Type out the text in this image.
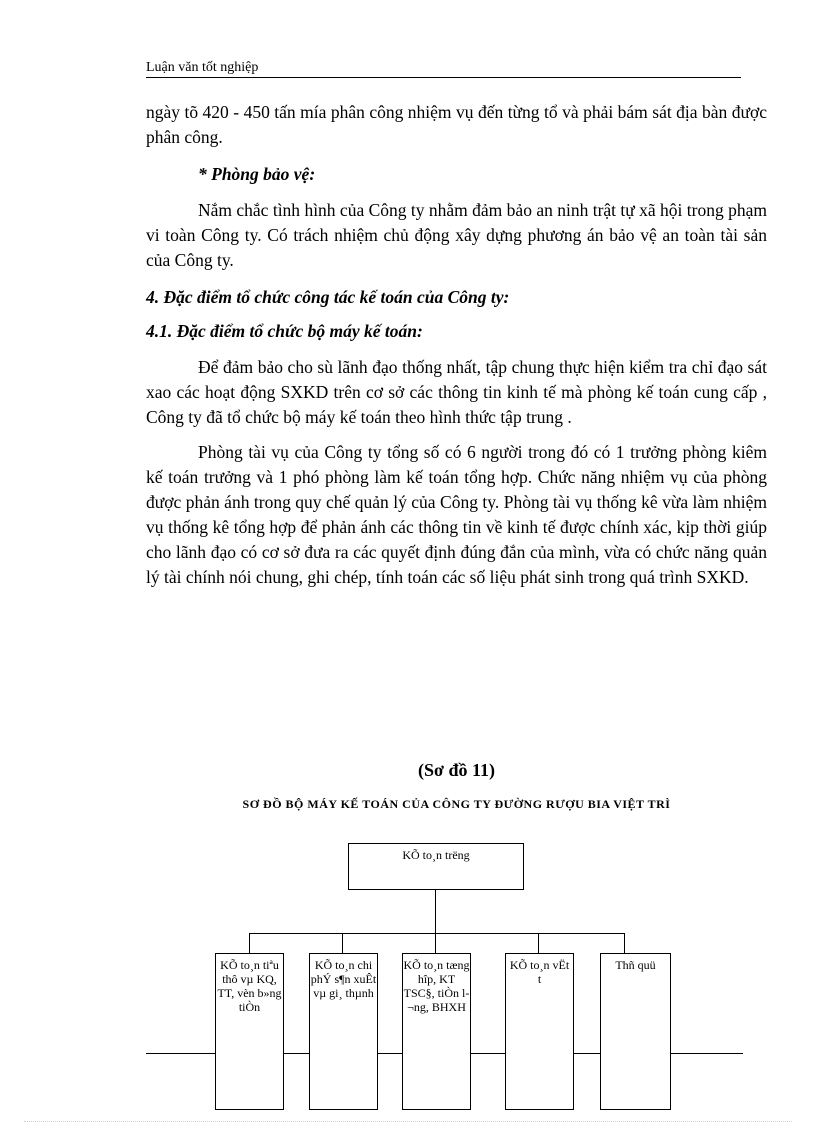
Luận văn tốt nghiệp
ngày tõ 420 - 450 tấn mía phân công nhiệm vụ đến từng tổ và phải bám sát địa bàn được phân công.
* Phòng bảo vệ:
Nắm chắc tình hình của Công ty nhằm đảm bảo an ninh trật tự xã hội trong phạm vi toàn Công ty. Có trách nhiệm chủ động xây dựng phương án bảo vệ an toàn tài sản của Công ty.
4. Đặc điểm tổ chức công tác kế toán của Công ty:
4.1. Đặc điểm tổ chức bộ máy kế toán:
Để đảm bảo cho sù lãnh đạo thống nhất, tập chung thực hiện kiểm tra chỉ đạo sát xao các hoạt động SXKD trên cơ sở các thông tin kinh tế mà phòng kế toán cung cấp , Công ty đã tổ chức bộ máy kế toán theo hình thức tập trung .
Phòng tài vụ của Công ty tổng số có 6 người trong đó có 1 trưởng phòng kiêm kế toán trưởng và 1 phó phòng làm kế toán tổng hợp. Chức năng nhiệm vụ của phòng được phản ánh trong quy chế quản lý của Công ty. Phòng tài vụ thống kê vừa làm nhiệm vụ thống kê tổng hợp để phản ánh các thông tin về kinh tế được chính xác, kịp thời giúp cho lãnh đạo có cơ sở đưa ra các quyết định đúng đắn của mình, vừa có chức năng quản lý tài chính nói chung, ghi chép, tính toán các số liệu phát sinh trong quá trình SXKD.
(Sơ đồ 11)
SƠ ĐỒ BỘ MÁY KẾ TOÁN CỦA CÔNG TY ĐƯỜNG RƯỢU BIA VIỆT TRÌ
KÕ to¸n trëng
KÕ to¸n tiªu thô vµ KQ, TT, vèn b»ng tiÒn
KÕ to¸n chi phÝ s¶n xuÊt vµ gi¸ thµnh
KÕ to¸n tæng hîp, KT TSC§, tiÒn l¬ng, BHXH
KÕ to¸n vËt t
Thñ quü
